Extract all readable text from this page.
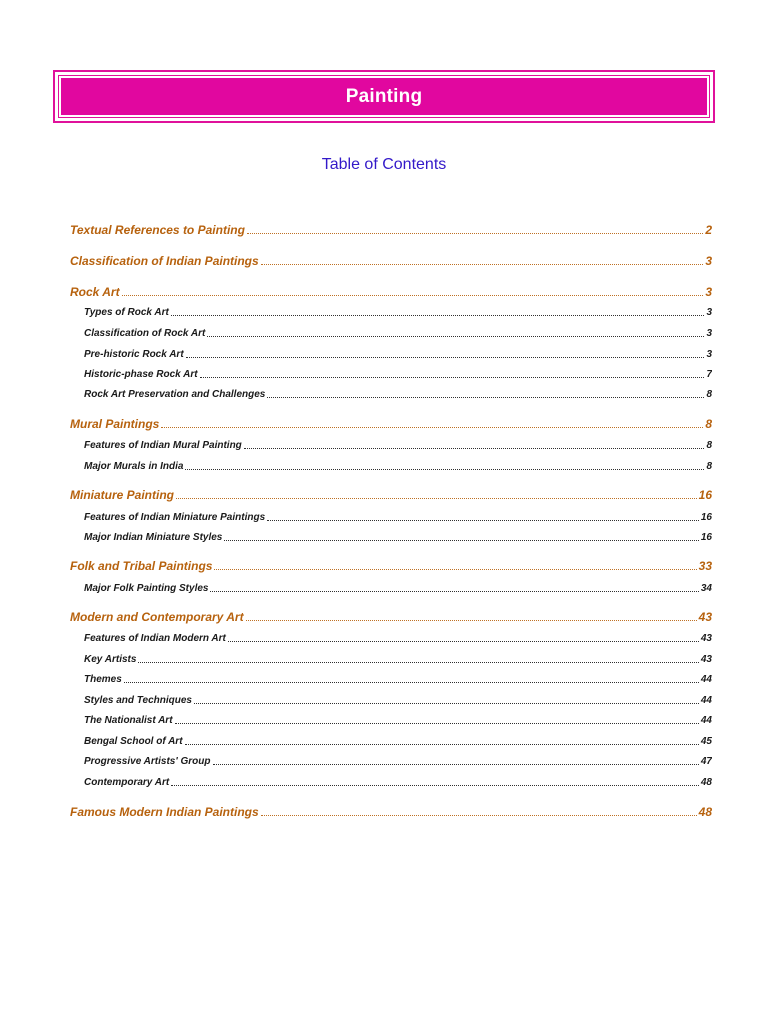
Painting
Table of Contents
Textual References to Painting	2
Classification of Indian Paintings	3
Rock Art	3
Types of Rock Art	3
Classification of Rock Art	3
Pre-historic Rock Art	3
Historic-phase Rock Art	7
Rock Art Preservation and Challenges	8
Mural Paintings	8
Features of Indian Mural Painting	8
Major Murals in India	8
Miniature Painting	16
Features of Indian Miniature Paintings	16
Major Indian Miniature Styles	16
Folk and Tribal Paintings	33
Major Folk Painting Styles	34
Modern and Contemporary Art	43
Features of Indian Modern Art	43
Key Artists	43
Themes	44
Styles and Techniques	44
The Nationalist Art	44
Bengal School of Art	45
Progressive Artists' Group	47
Contemporary Art	48
Famous Modern Indian Paintings	48
